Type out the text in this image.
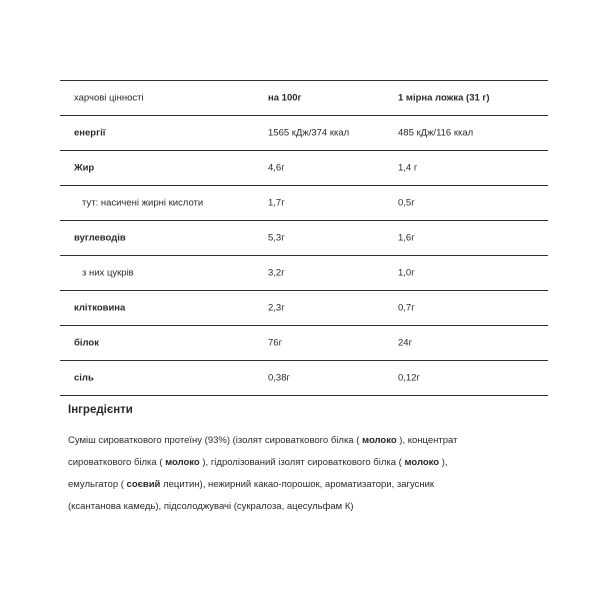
харчові цінності	на 100г	1 мірна ложка (31 г)
енергії	1565 кДж/374 ккал	485 кДж/116 ккал
Жир	4,6г	1,4 г
тут: насичені жирні кислоти	1,7г	0,5г
вуглеводів	5,3г	1,6г
з них цукрів	3,2г	1,0г
клітковина	2,3г	0,7г
білок	76г	24г
сіль	0,38г	0,12г
Інгредієнти
Суміш сироваткового протеїну (93%) (ізолят сироваткового білка ( молоко ), концентрат
сироваткового білка ( молоко ), гідролізований ізолят сироваткового білка ( молоко ),
емульгатор ( соєвий лецитин), нежирний какао-порошок, ароматизатори, загусник
(ксантанова камедь), підсолоджувачі (сукралоза, ацесульфам К)
